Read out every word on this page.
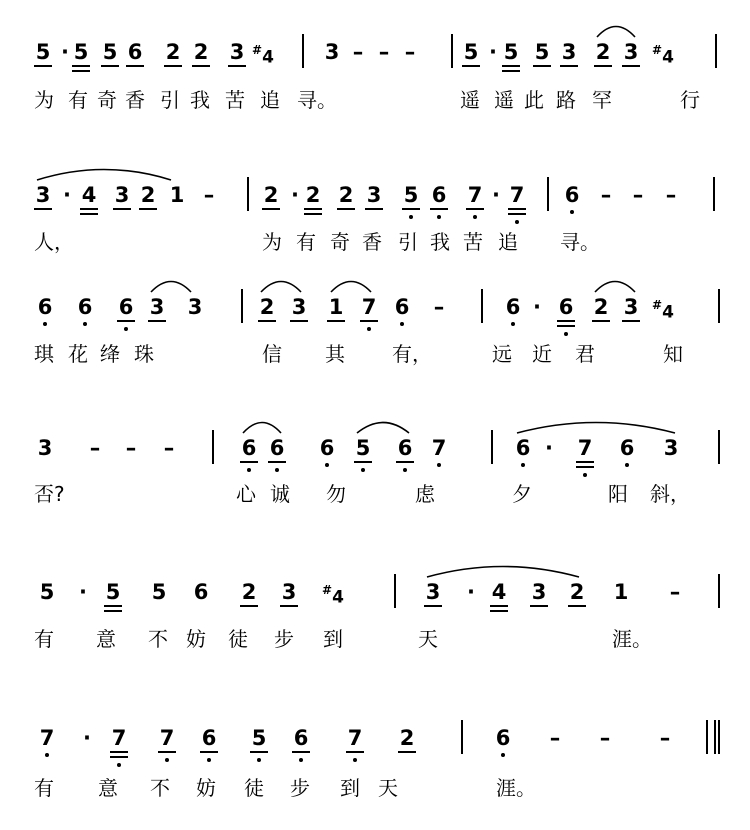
5 · 5 5 6 2 2 3 #4 3 – – – 5 · 5 5 3 2 3 #4
为 有 奇 香 引 我 苦 追 寻。	遥 遥 此 路 罕	行
3 · 4 3 2 1 – 2 · 2 2 3 5 6 7 · 7 6 – – –
人，	为 有 奇 香 引 我 苦 追 寻。
6 6 6 3 3	2 3 1 7 6 –	6 · 6 2 3 #4
琪 花 绛 珠	信 其 有，	远 近 君	知
3 – – –	6 6 6 5 6 7	6 · 7 6 3
否?	心 诚 勿	虑	夕	阳 斜，
5 · 5 5 6 2 3 #4	3 · 4 3 2 1 –
有 意 不 妨 徒 步 到	天	涯。
7 · 7 7 6 5 6 7 2	6 – – –
有 意 不 妨 徒 步 到 天	涯。
